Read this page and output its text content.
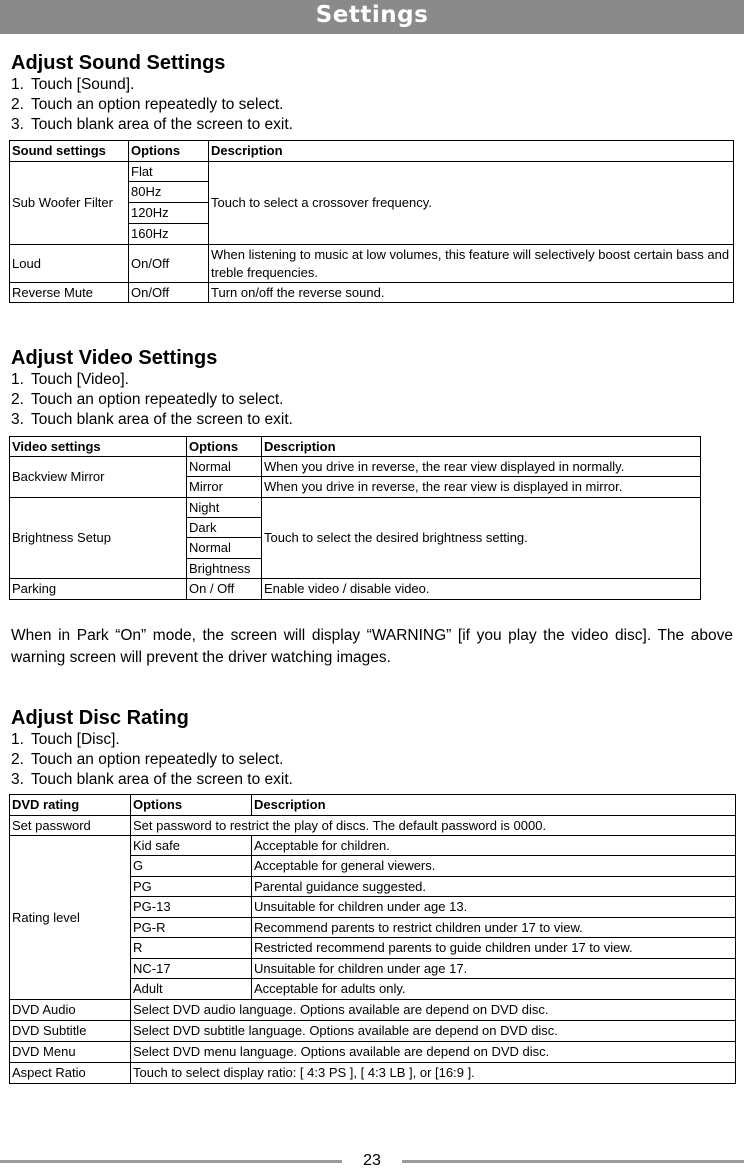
Settings
Adjust Sound Settings
1. Touch [Sound].
2. Touch an option repeatedly to select.
3. Touch blank area of the screen to exit.
Sound settings	Options	Description
Sub Woofer Filter	Flat	Touch to select a crossover frequency.
	80Hz	
	120Hz	
	160Hz	
Loud	On/Off	When listening to music at low volumes, this feature will selectively boost certain bass and treble frequencies.
Reverse Mute	On/Off	Turn on/off the reverse sound.
Adjust Video Settings
1. Touch [Video].
2. Touch an option repeatedly to select.
3. Touch blank area of the screen to exit.
Video settings	Options	Description
Backview Mirror	Normal	When you drive in reverse, the rear view displayed in normally.
	Mirror	When you drive in reverse, the rear view is displayed in mirror.
Brightness Setup	Night	Touch to select the desired brightness setting.
	Dark	
	Normal	
	Brightness	
Parking	On / Off	Enable video / disable video.
When in Park “On” mode, the screen will display “WARNING” [if you play the video disc]. The above warning screen will prevent the driver watching images.
Adjust Disc Rating
1. Touch [Disc].
2. Touch an option repeatedly to select.
3. Touch blank area of the screen to exit.
DVD rating	Options	Description
Set password	Set password to restrict the play of discs. The default password is 0000.	
Rating level	Kid safe	Acceptable for children.
	G	Acceptable for general viewers.
	PG	Parental guidance suggested.
	PG-13	Unsuitable for children under age 13.
	PG-R	Recommend parents to restrict children under 17 to view.
	R	Restricted recommend parents to guide children under 17 to view.
	NC-17	Unsuitable for children under age 17.
	Adult	Acceptable for adults only.
DVD Audio	Select DVD audio language. Options available are depend on DVD disc.	
DVD Subtitle	Select DVD subtitle language. Options available are depend on DVD disc.	
DVD Menu	Select DVD menu language. Options available are depend on DVD disc.	
Aspect Ratio	Touch to select display ratio: [ 4:3 PS ], [ 4:3 LB ], or [16:9 ].	
23
